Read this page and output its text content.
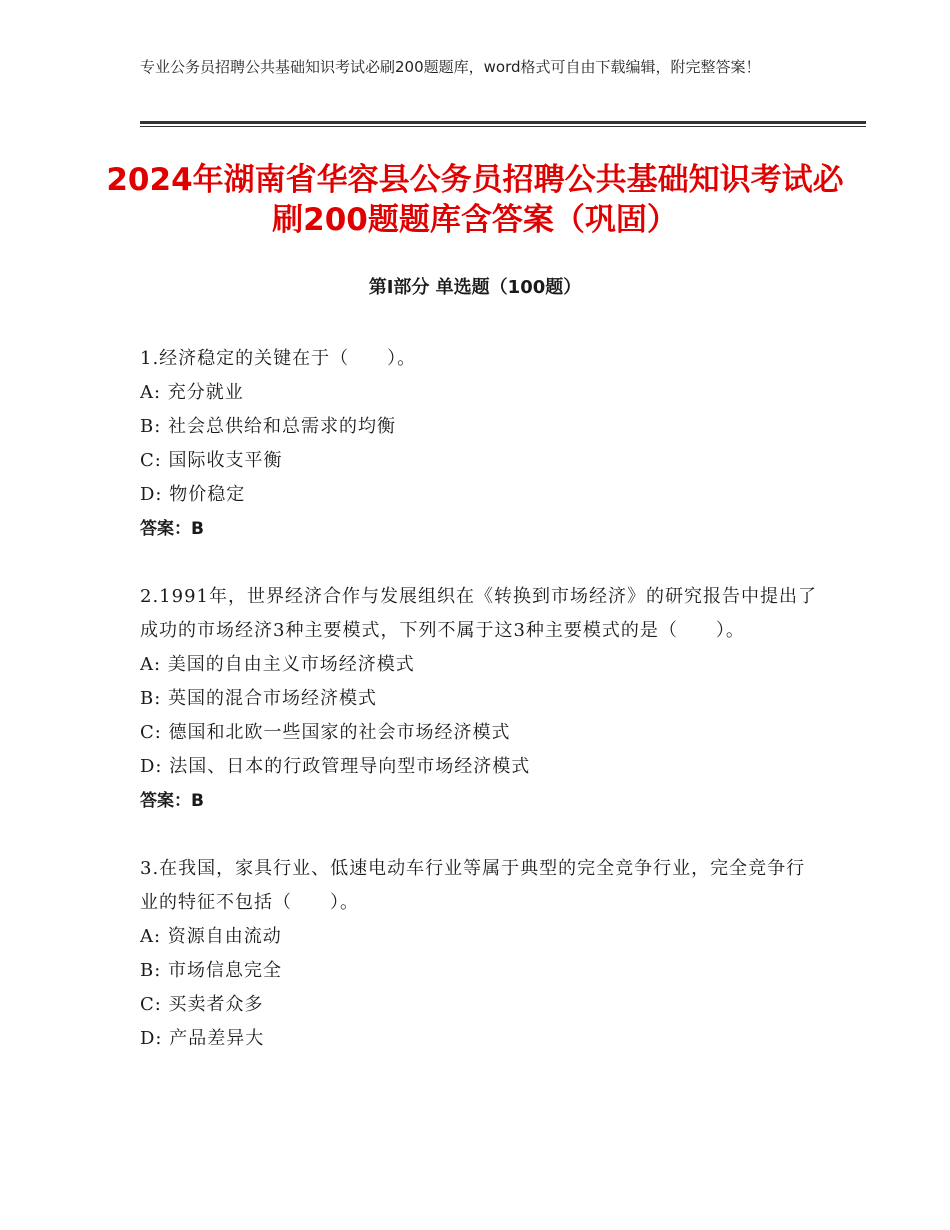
专业公务员招聘公共基础知识考试必刷200题题库，word格式可自由下载编辑，附完整答案！
2024年湖南省华容县公务员招聘公共基础知识考试必刷200题题库含答案（巩固）
第Ⅰ部分 单选题（100题）
1.经济稳定的关键在于（　　）。
A: 充分就业
B: 社会总供给和总需求的均衡
C: 国际收支平衡
D: 物价稳定
答案：B
2.1991年，世界经济合作与发展组织在《转换到市场经济》的研究报告中提出了成功的市场经济3种主要模式，下列不属于这3种主要模式的是（　　）。
A: 美国的自由主义市场经济模式
B: 英国的混合市场经济模式
C: 德国和北欧一些国家的社会市场经济模式
D: 法国、日本的行政管理导向型市场经济模式
答案：B
3.在我国，家具行业、低速电动车行业等属于典型的完全竞争行业，完全竞争行业的特征不包括（　　）。
A: 资源自由流动
B: 市场信息完全
C: 买卖者众多
D: 产品差异大
